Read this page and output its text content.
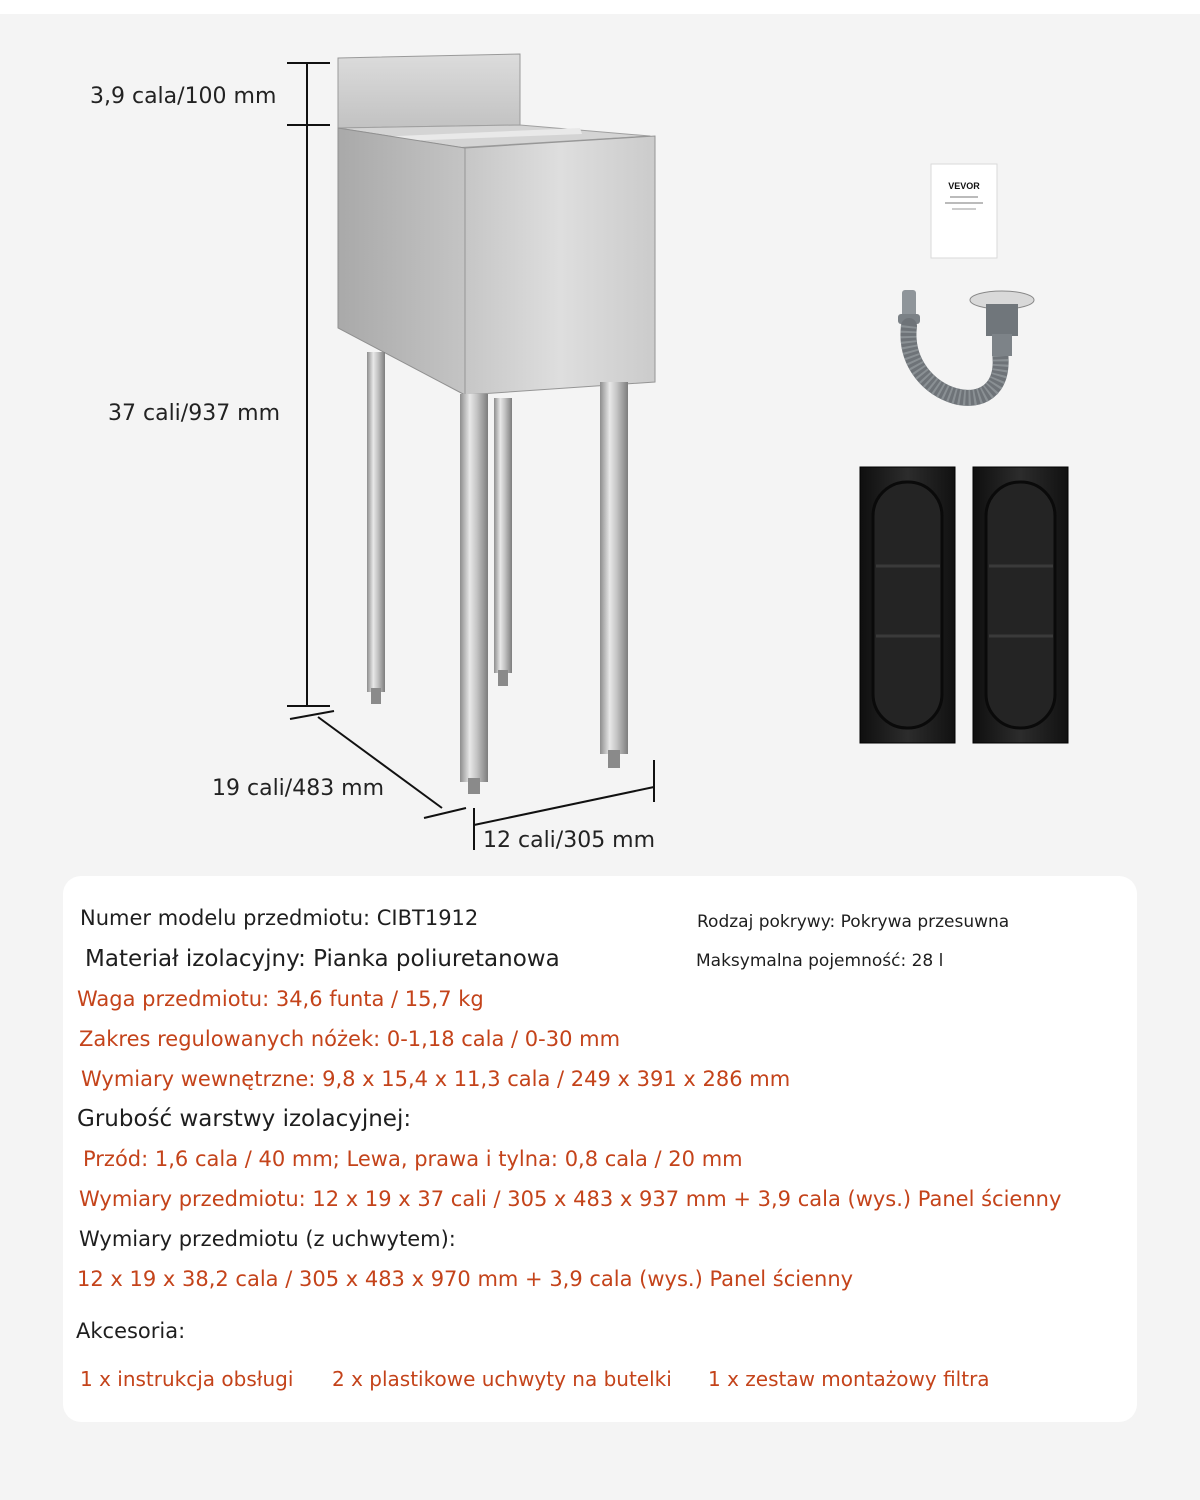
VEVOR
3,9 cala/100 mm
37 cali/937 mm
19 cali/483 mm
12 cali/305 mm
Numer modelu przedmiotu: CIBT1912	Rodzaj pokrywy: Pokrywa przesuwna
Materiał izolacyjny: Pianka poliuretanowa	Maksymalna pojemność: 28 l
Waga przedmiotu: 34,6 funta / 15,7 kg
Zakres regulowanych nóżek: 0-1,18 cala / 0-30 mm
Wymiary wewnętrzne: 9,8 x 15,4 x 11,3 cala / 249 x 391 x 286 mm
Grubość warstwy izolacyjnej:
Przód: 1,6 cala / 40 mm; Lewa, prawa i tylna: 0,8 cala / 20 mm
Wymiary przedmiotu: 12 x 19 x 37 cali / 305 x 483 x 937 mm + 3,9 cala (wys.) Panel ścienny
Wymiary przedmiotu (z uchwytem):
12 x 19 x 38,2 cala / 305 x 483 x 970 mm + 3,9 cala (wys.) Panel ścienny
Akcesoria:
1 x instrukcja obsługi 2 x plastikowe uchwyty na butelki 1 x zestaw montażowy filtra
